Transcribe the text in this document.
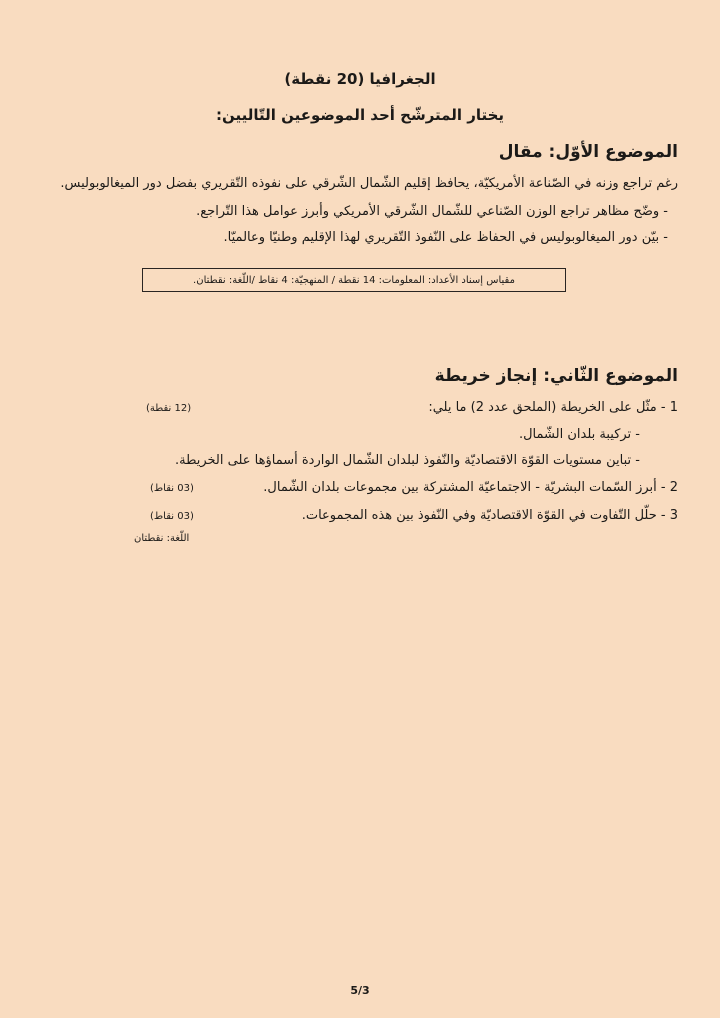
الجغرافيا (20 نقطة)
يختار المترشّح أحد الموضوعين التّاليين:
الموضوع الأوّل: مقال
رغم تراجع وزنه في الصّناعة الأمريكيّة، يحافظ إقليم الشّمال الشّرقي على نفوذه التّقريري بفضل دور الميغالوبوليس.
- وضّح مظاهر تراجع الوزن الصّناعي للشّمال الشّرقي الأمريكي وأبرز عوامل هذا التّراجع.
- بيّن دور الميغالوبوليس في الحفاظ على النّفوذ التّقريري لهذا الإقليم وطنيّا وعالميّا.
مقياس إسناد الأعداد: المعلومات: 14 نقطة / المنهجيّة: 4 نقاط /اللّغة: نقطتان.
الموضوع الثّاني: إنجاز خريطة
1 - مثّل على الخريطة (الملحق عدد 2) ما يلي:
(12 نقطة)
- تركيبة بلدان الشّمال.
- تباين مستويات القوّة الاقتصاديّة والنّفوذ لبلدان الشّمال الواردة أسماؤها على الخريطة.
2 - أبرز السّمات البشريّة - الاجتماعيّة المشتركة بين مجموعات بلدان الشّمال.
(03 نقاط)
3 - حلّل التّفاوت في القوّة الاقتصاديّة وفي النّفوذ بين هذه المجموعات.
(03 نقاط)
اللّغة: نقطتان
5/3
